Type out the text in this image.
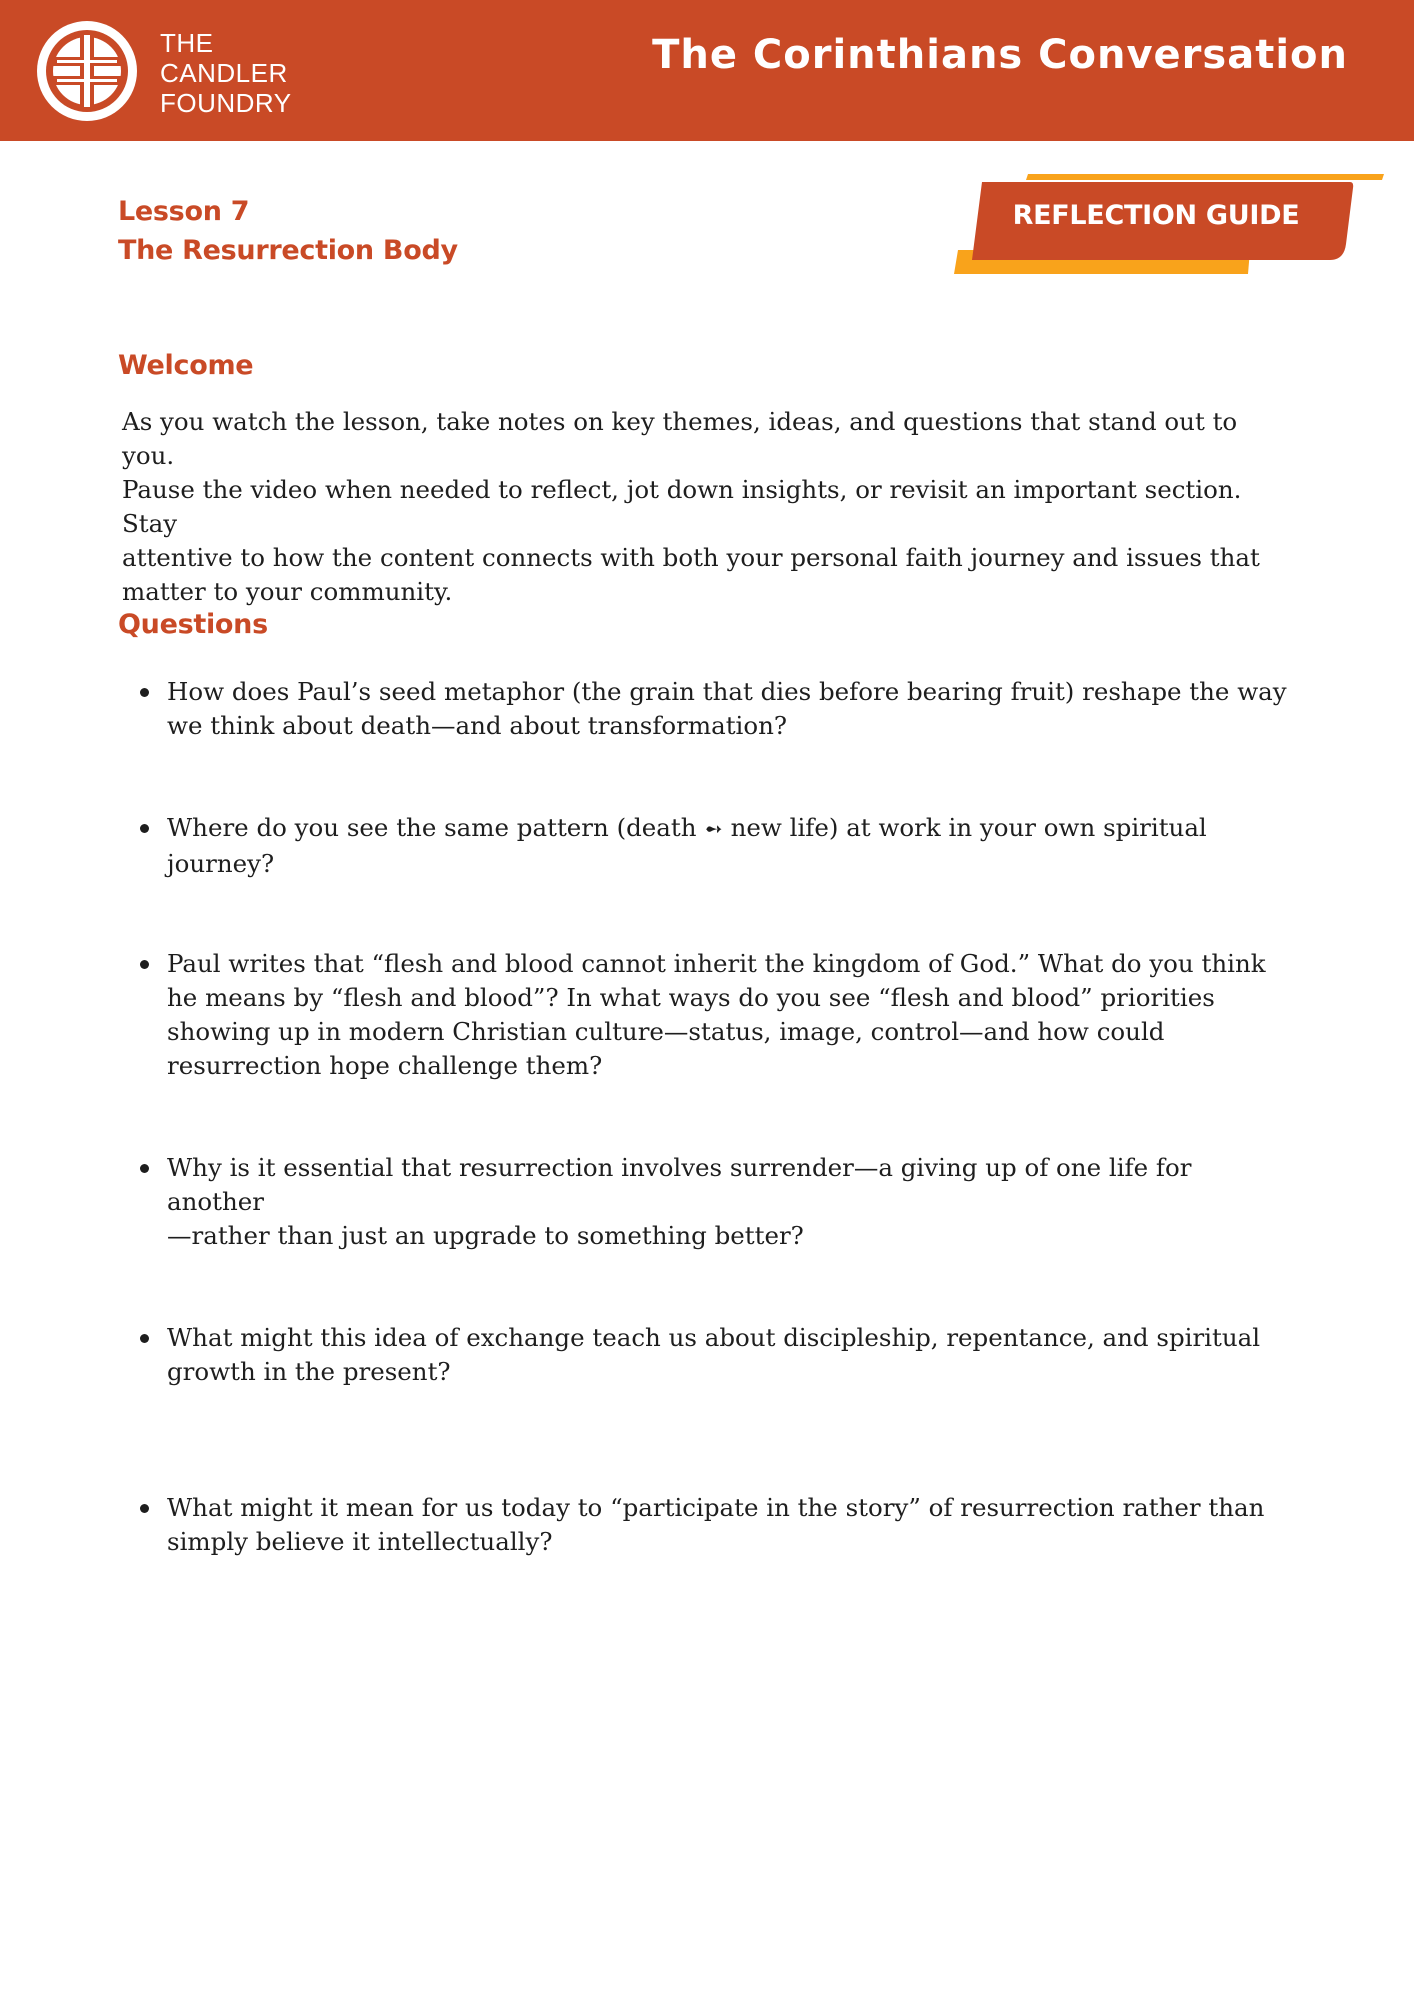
THE
CANDLER
FOUNDRY
The Corinthians Conversation
Lesson 7
The Resurrection Body
REFLECTION GUIDE
Welcome
As you watch the lesson, take notes on key themes, ideas, and questions that stand out to you.
Pause the video when needed to reflect, jot down insights, or revisit an important section. Stay
attentive to how the content connects with both your personal faith journey and issues that
matter to your community.
Questions
How does Paul’s seed metaphor (the grain that dies before bearing fruit) reshape the way
we think about death—and about transformation?
Where do you see the same pattern (death ➻ new life) at work in your own spiritual
journey?
Paul writes that “flesh and blood cannot inherit the kingdom of God.” What do you think
he means by “flesh and blood”? In what ways do you see “flesh and blood” priorities
showing up in modern Christian culture—status, image, control—and how could
resurrection hope challenge them?
Why is it essential that resurrection involves surrender—a giving up of one life for another
—rather than just an upgrade to something better?
What might this idea of exchange teach us about discipleship, repentance, and spiritual
growth in the present?
What might it mean for us today to “participate in the story” of resurrection rather than
simply believe it intellectually?
